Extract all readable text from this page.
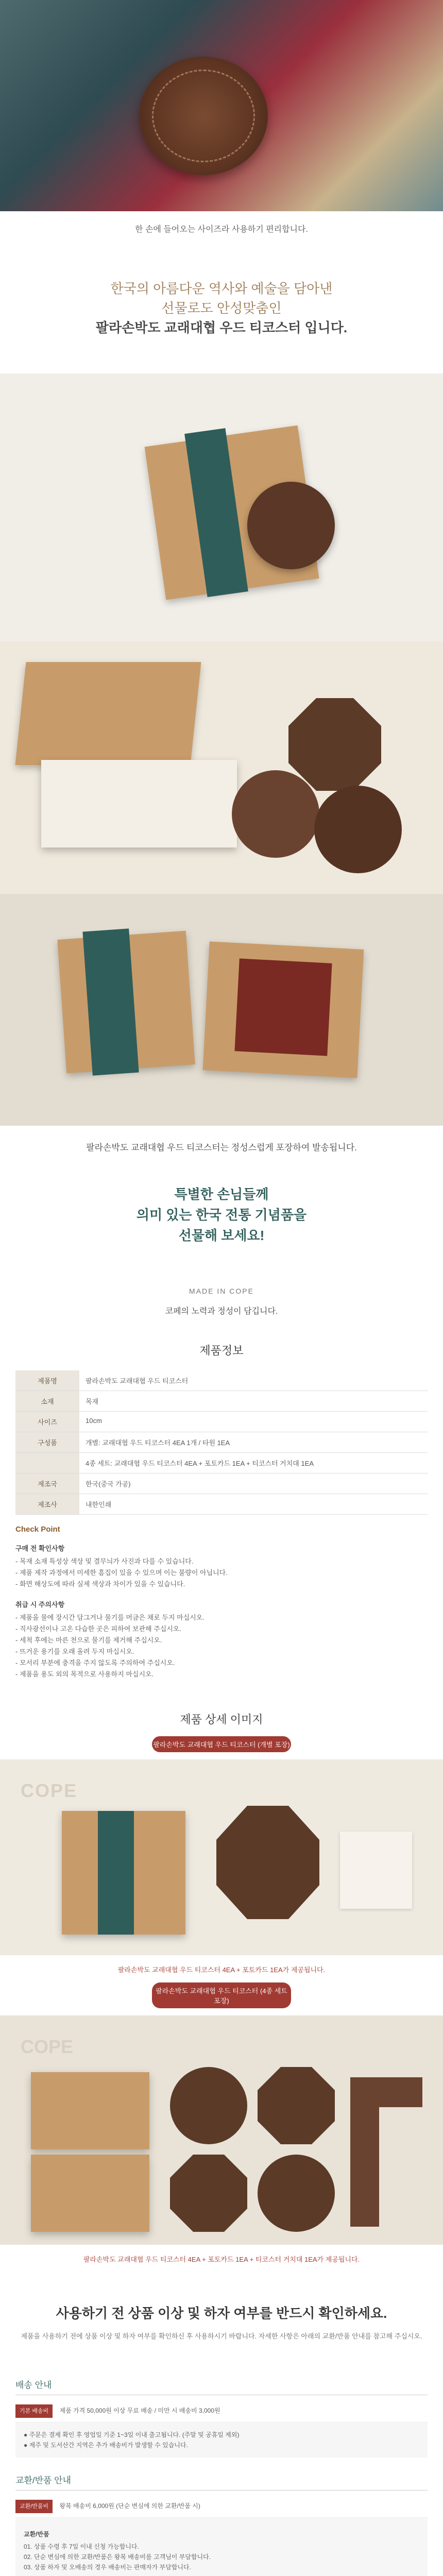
한 손에 들어오는 사이즈라 사용하기 편리합니다.
한국의 아름다운 역사와 예술을 담아낸
선물로도 안성맞춤인
팔라손박도 교래대협 우드 티코스터 입니다.
팔라손박도 교래대협 우드 티코스터는 정성스럽게 포장하여 발송됩니다.
특별한 손님들께
의미 있는 한국 전통 기념품을
선물해 보세요!
MADE IN COPE
코페의 노력과 정성이 담깁니다.
제품정보
제품명	팔라손박도 교래대협 우드 티코스터
소재	목재
사이즈	10cm
구성품	개별: 교래대협 우드 티코스터 4EA 1개 / 타원 1EA
	4종 세트: 교래대협 우드 티코스터 4EA + 포토카드 1EA + 티코스터 거치대 1EA
제조국	한국(중국 가공)
제조사	내한인쇄
Check Point
구매 전 확인사항
- 목재 소재 특성상 색상 및 결무늬가 사진과 다를 수 있습니다.
- 제품 제작 과정에서 미세한 흠집이 있을 수 있으며 이는 불량이 아닙니다.
- 화면 해상도에 따라 실제 색상과 차이가 있을 수 있습니다.
취급 시 주의사항
- 제품을 물에 장시간 담그거나 물기를 머금은 채로 두지 마십시오.
- 직사광선이나 고온 다습한 곳은 피하여 보관해 주십시오.
- 세척 후에는 마른 천으로 물기를 제거해 주십시오.
- 뜨거운 용기를 오래 올려 두지 마십시오.
- 모서리 부분에 충격을 주지 않도록 주의하여 주십시오.
- 제품을 용도 외의 목적으로 사용하지 마십시오.
제품 상세 이미지
팔라손박도 교래대협 우드 티코스터 (개별 포장)
COPE
팔라손박도 교래대협 우드 티코스터 4EA + 포토카드 1EA가 제공됩니다.
팔라손박도 교래대협 우드 티코스터 (4종 세트 포장)
COPE
팔라손박도 교래대협 우드 티코스터 4EA + 포토카드 1EA + 티코스터 거치대 1EA가 제공됩니다.
사용하기 전 상품 이상 및 하자 여부를 반드시 확인하세요.
제품을 사용하기 전에 상품 이상 및 하자 여부를 확인하신 후 사용하시기 바랍니다. 자세한 사항은 아래의 교환/반품 안내를 참고해 주십시오.
배송 안내
기본 배송비 제품 가격 50,000원 이상 무료 배송 / 미만 시 배송비 3,000원
● 주문은 결제 확인 후 영업일 기준 1~3일 이내 출고됩니다. (주말 및 공휴일 제외)
● 제주 및 도서산간 지역은 추가 배송비가 발생할 수 있습니다.
교환/반품 안내
교환/반품비 왕복 배송비 6,000원 (단순 변심에 의한 교환/반품 시)
교환/반품
01. 상품 수령 후 7일 이내 신청 가능합니다.
02. 단순 변심에 의한 교환/반품은 왕복 배송비를 고객님이 부담합니다.
03. 상품 하자 및 오배송의 경우 배송비는 판매자가 부담합니다.
